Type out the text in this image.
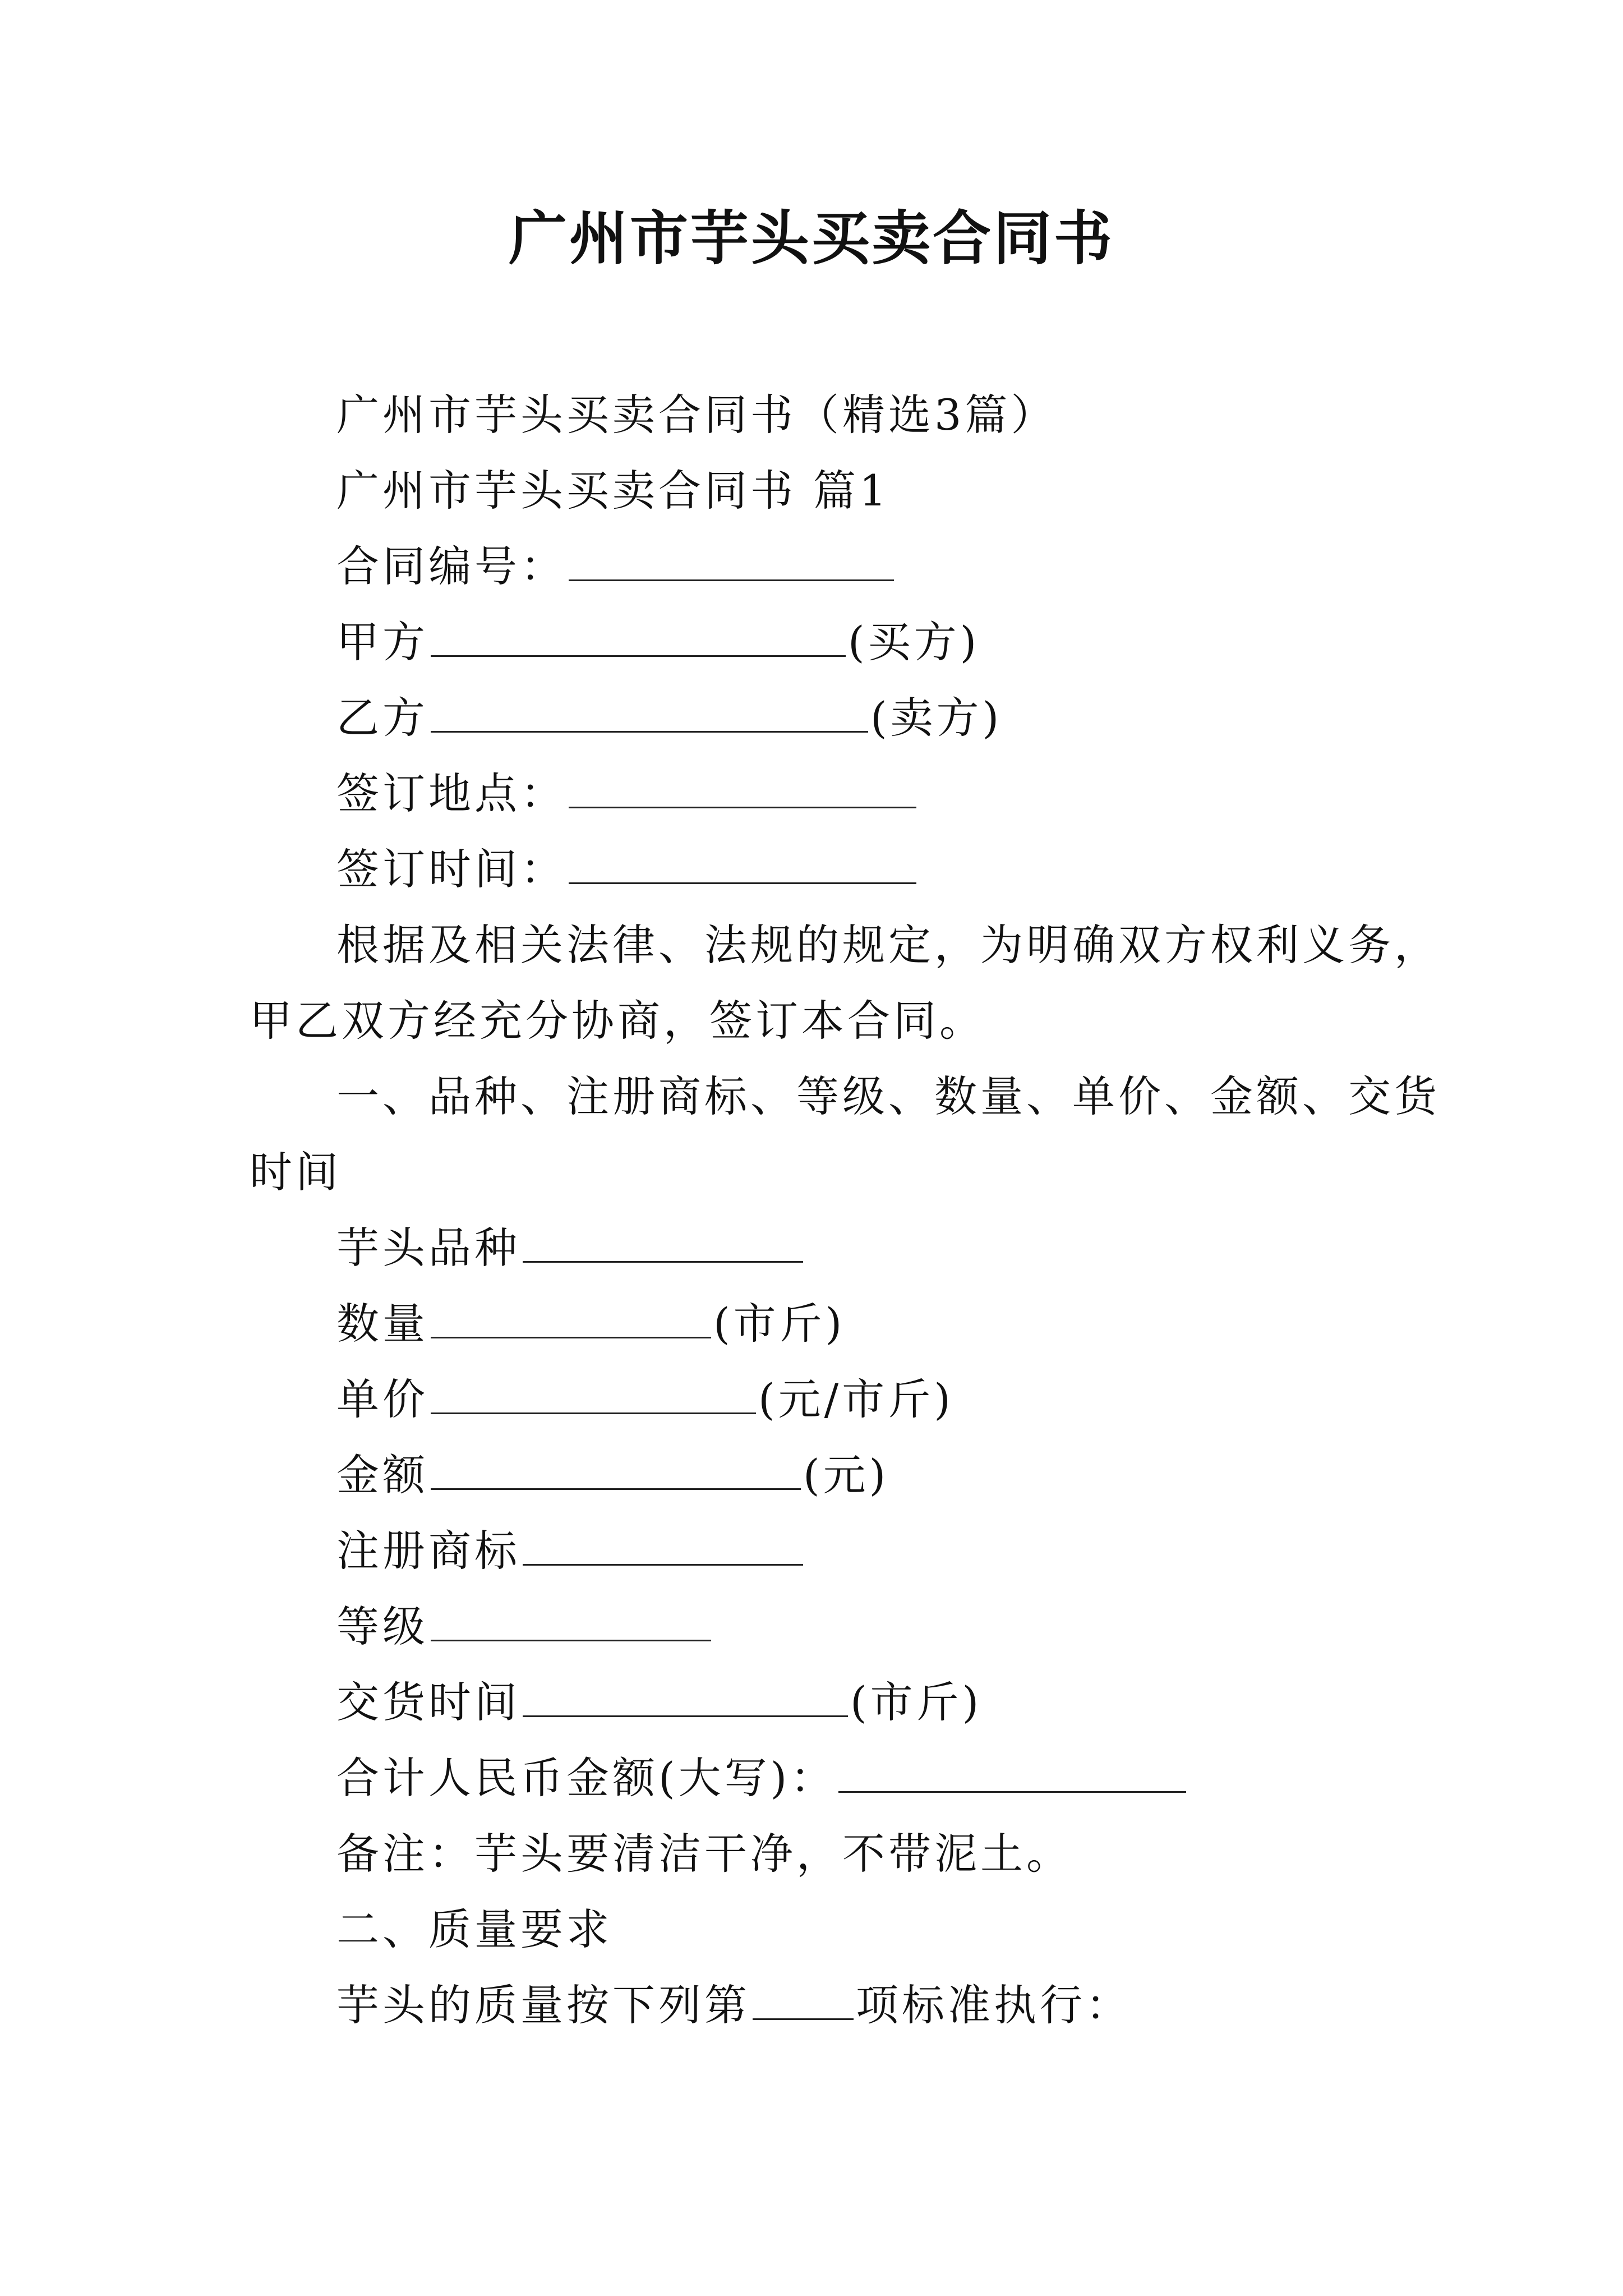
广州市芋头买卖合同书
广州市芋头买卖合同书（精选3篇）
广州市芋头买卖合同书 篇1
合同编号：
甲方	(买方)
乙方	(卖方)
签订地点：
签订时间：
根据及相关法律、法规的规定，为明确双方权利义务，
甲乙双方经充分协商，签订本合同。
一、品种、注册商标、等级、数量、单价、金额、交货
时间
芋头品种
数量	(市斤)
单价	(元/市斤)
金额	(元)
注册商标
等级
交货时间	(市斤)
合计人民币金额(大写)：
备注：芋头要清洁干净，不带泥土。
二、质量要求
芋头的质量按下列第 项标准执行：
